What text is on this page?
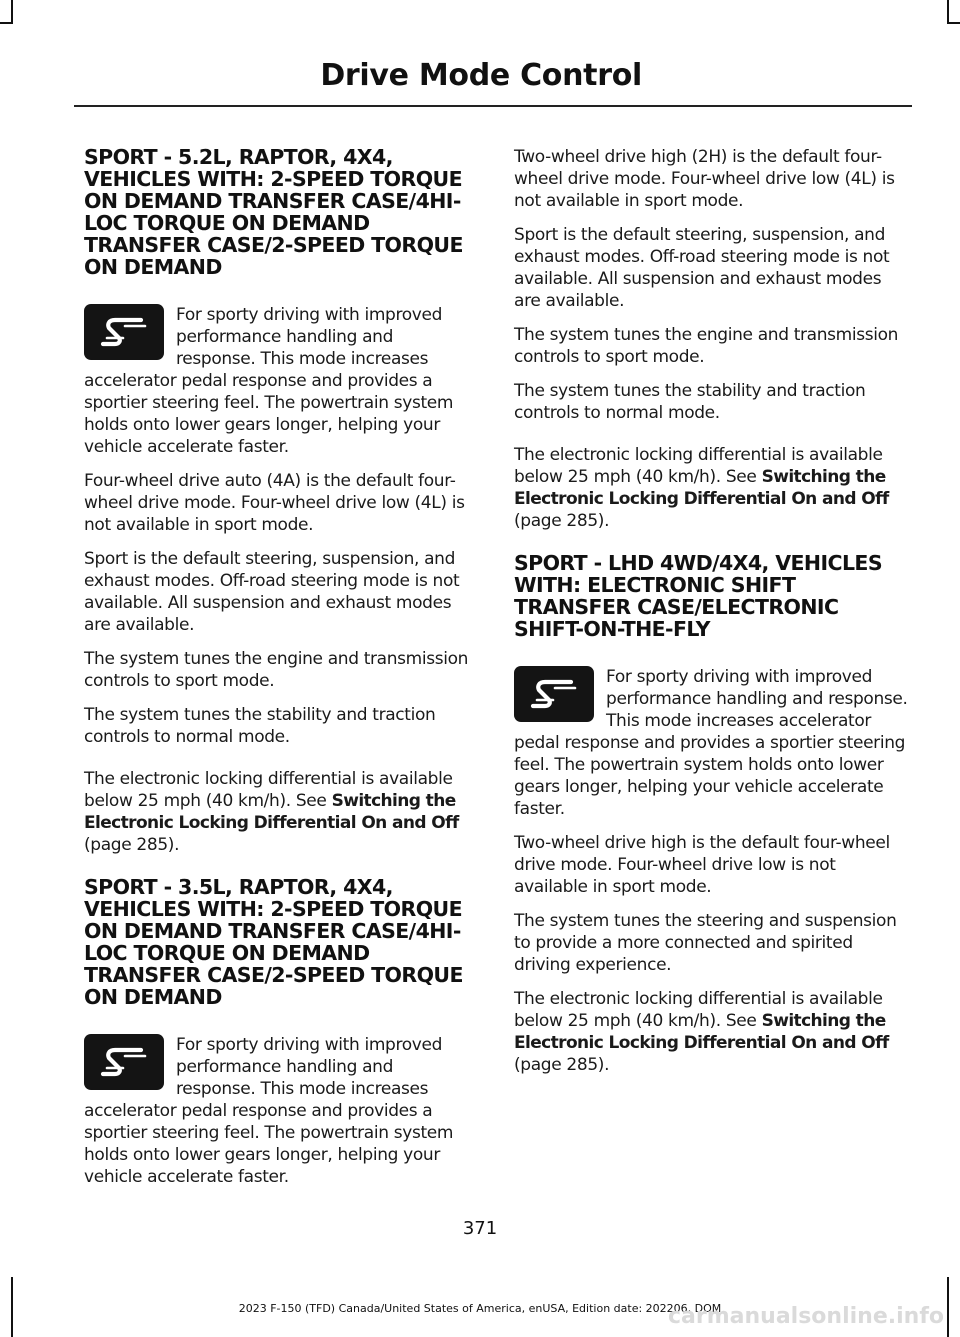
Drive Mode Control
SPORT - 5.2L, RAPTOR, 4X4, VEHICLES WITH: 2-SPEED TORQUE ON DEMAND TRANSFER CASE/4HI-LOC TORQUE ON DEMAND TRANSFER CASE/2-SPEED TORQUE ON DEMAND

For sporty driving with improved performance handling and response. This mode increases accelerator pedal response and provides a sportier steering feel. The powertrain system holds onto lower gears longer, helping your vehicle accelerate faster.

Four-wheel drive auto (4A) is the default four-wheel drive mode. Four-wheel drive low (4L) is not available in sport mode.

Sport is the default steering, suspension, and exhaust modes. Off-road steering mode is not available. All suspension and exhaust modes are available.

The system tunes the engine and transmission controls to sport mode.

The system tunes the stability and traction controls to normal mode.

The electronic locking differential is available below 25 mph (40 km/h). See Switching the Electronic Locking Differential On and Off (page 285).

SPORT - 3.5L, RAPTOR, 4X4, VEHICLES WITH: 2-SPEED TORQUE ON DEMAND TRANSFER CASE/4HI-LOC TORQUE ON DEMAND TRANSFER CASE/2-SPEED TORQUE ON DEMAND

For sporty driving with improved performance handling and response. This mode increases accelerator pedal response and provides a sportier steering feel. The powertrain system holds onto lower gears longer, helping your vehicle accelerate faster.

Two-wheel drive high (2H) is the default four-wheel drive mode. Four-wheel drive low (4L) is not available in sport mode.

Sport is the default steering, suspension, and exhaust modes. Off-road steering mode is not available. All suspension and exhaust modes are available.

The system tunes the engine and transmission controls to sport mode.

The system tunes the stability and traction controls to normal mode.

The electronic locking differential is available below 25 mph (40 km/h). See Switching the Electronic Locking Differential On and Off (page 285).

SPORT - LHD 4WD/4X4, VEHICLES WITH: ELECTRONIC SHIFT TRANSFER CASE/ELECTRONIC SHIFT-ON-THE-FLY

For sporty driving with improved performance handling and response. This mode increases accelerator pedal response and provides a sportier steering feel. The powertrain system holds onto lower gears longer, helping your vehicle accelerate faster.

Two-wheel drive high is the default four-wheel drive mode. Four-wheel drive low is not available in sport mode.

The system tunes the steering and suspension to provide a more connected and spirited driving experience.

The electronic locking differential is available below 25 mph (40 km/h). See Switching the Electronic Locking Differential On and Off (page 285).

371
2023 F-150 (TFD) Canada/United States of America, enUSA, Edition date: 202206, DOM
carmanualsonline.info
